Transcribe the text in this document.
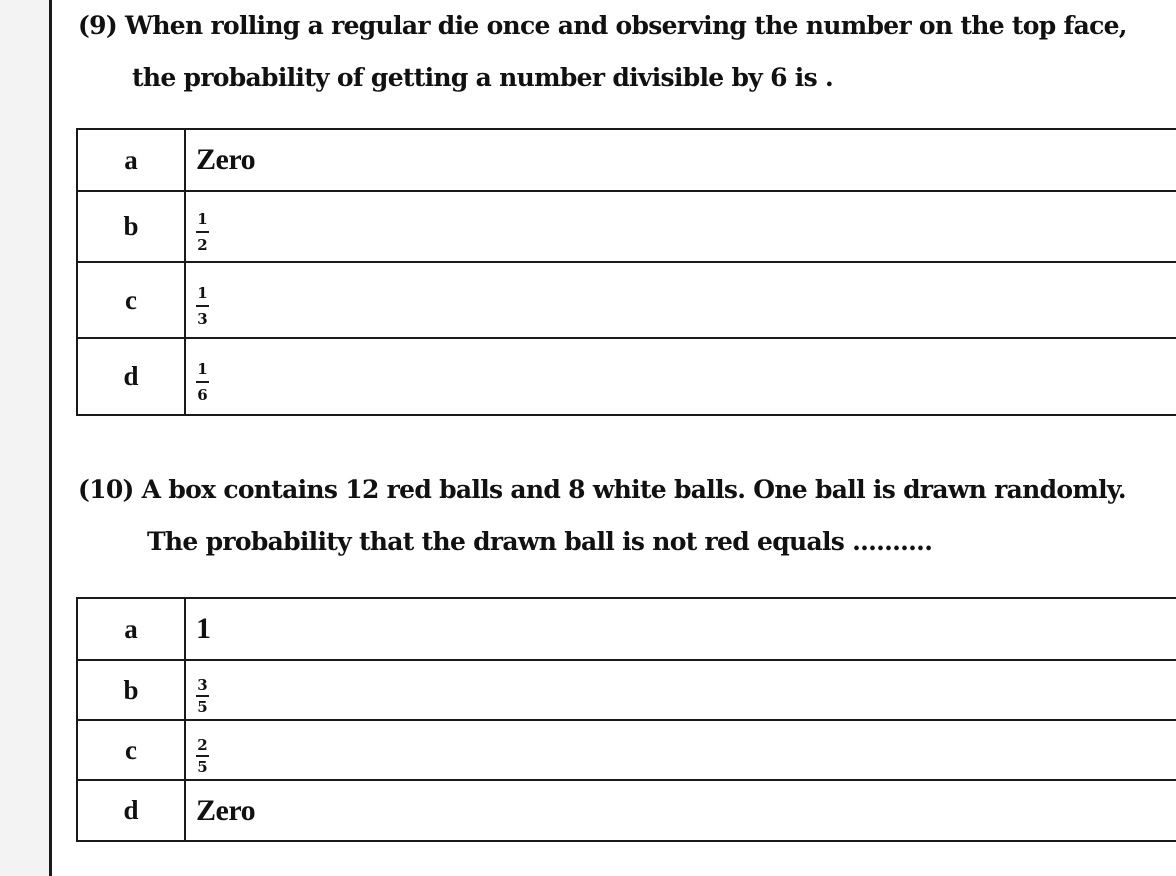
(9) When rolling a regular die once and observing the number on the top face,

the probability of getting a number divisible by 6 is .

a	Zero
b	$\frac{1}{2}$

c	$\frac{1}{3}$

d	$\frac{1}{6}$

(10) A box contains 12 red balls and 8 white balls. One ball is drawn randomly.

The probability that the drawn ball is not red equals ..........

a	1
b	$\frac{3}{5}$

c	$\frac{2}{5}$

d	Zero
